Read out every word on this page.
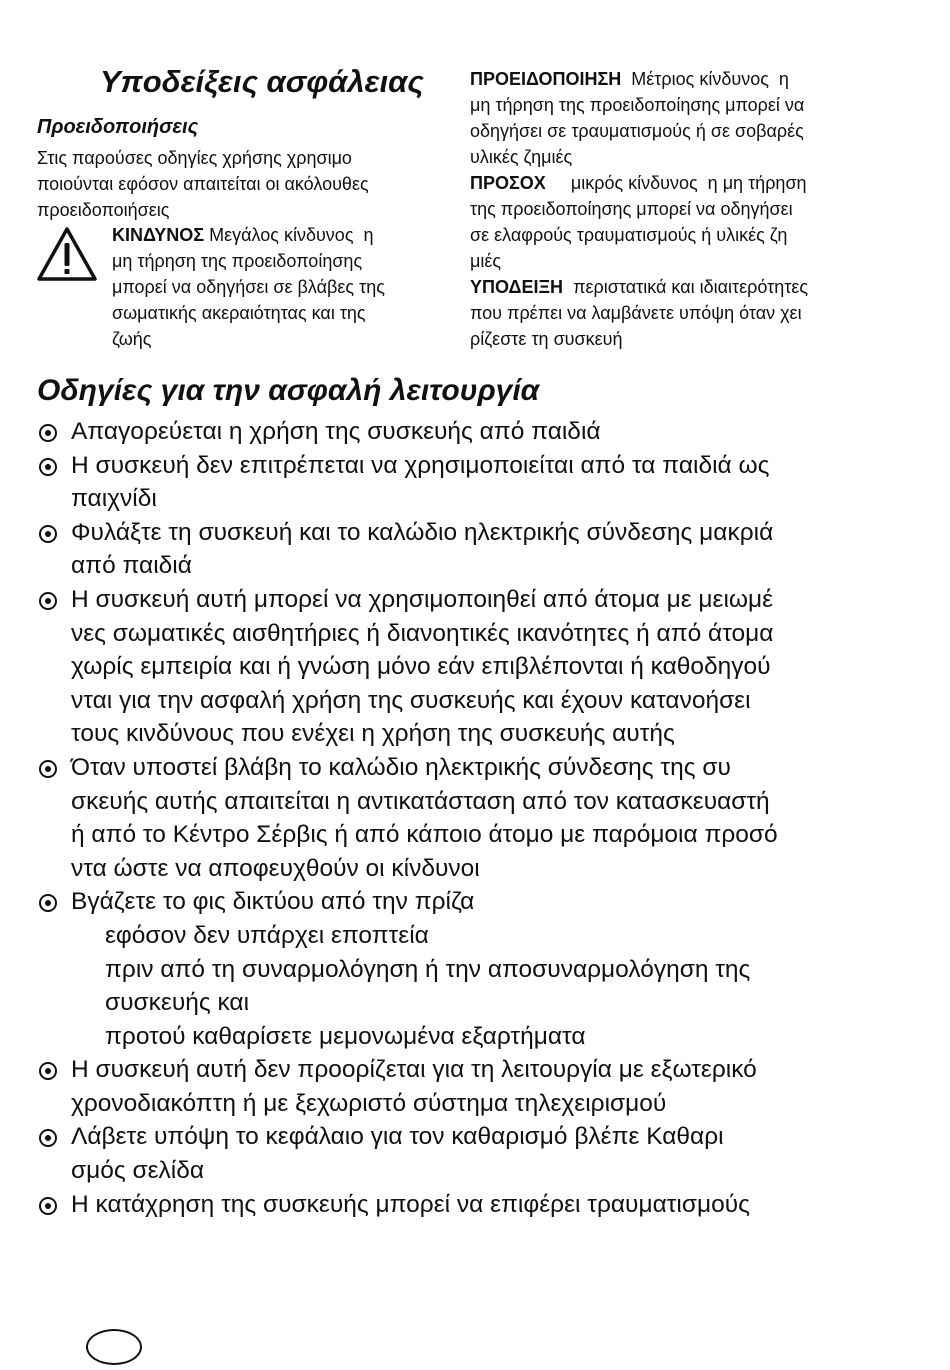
Υποδείξεις ασφάλειας
Προειδοποιήσεις
Στις παρούσες οδηγίες χρήσης χρησιμο
ποιούνται εφόσον απαιτείται οι ακόλουθες
προειδοποιήσεις
ΚΙΝΔΥΝΟΣ Μεγάλος κίνδυνος  η
μη τήρηση της προειδοποίησης
μπορεί να οδηγήσει σε βλάβες της
σωματικής ακεραιότητας και της
ζωής
ΠΡΟΕΙΔΟΠΟΙΗΣΗ  Μέτριος κίνδυνος  η
μη τήρηση της προειδοποίησης μπορεί να
οδηγήσει σε τραυματισμούς ή σε σοβαρές
υλικές ζημιές
ΠΡΟΣΟΧ     μικρός κίνδυνος  η μη τήρηση
της προειδοποίησης μπορεί να οδηγήσει
σε ελαφρούς τραυματισμούς ή υλικές ζη
μιές
ΥΠΟΔΕΙΞΗ  περιστατικά και ιδιαιτερότητες
που πρέπει να λαμβάνετε υπόψη όταν χει
ρίζεστε τη συσκευή
Οδηγίες για την ασφαλή λειτουργία
Απαγορεύεται η χρήση της συσκευής από παιδιά
Η συσκευή δεν επιτρέπεται να χρησιμοποιείται από τα παιδιά ως
παιχνίδι
Φυλάξτε τη συσκευή και το καλώδιο ηλεκτρικής σύνδεσης μακριά
από παιδιά
Η συσκευή αυτή μπορεί να χρησιμοποιηθεί από άτομα με μειωμέ
νες σωματικές αισθητήριες ή διανοητικές ικανότητες ή από άτομα
χωρίς εμπειρία και ή γνώση μόνο εάν επιβλέπονται ή καθοδηγού
νται για την ασφαλή χρήση της συσκευής και έχουν κατανοήσει
τους κινδύνους που ενέχει η χρήση της συσκευής αυτής
Όταν υποστεί βλάβη το καλώδιο ηλεκτρικής σύνδεσης της συ
σκευής αυτής απαιτείται η αντικατάσταση από τον κατασκευαστή
ή από το Κέντρο Σέρβις ή από κάποιο άτομο με παρόμοια προσό
ντα ώστε να αποφευχθούν οι κίνδυνοι
Βγάζετε το φις δικτύου από την πρίζα
εφόσον δεν υπάρχει εποπτεία
πριν από τη συναρμολόγηση ή την αποσυναρμολόγηση της
συσκευής και
προτού καθαρίσετε μεμονωμένα εξαρτήματα
Η συσκευή αυτή δεν προορίζεται για τη λειτουργία με εξωτερικό
χρονοδιακόπτη ή με ξεχωριστό σύστημα τηλεχειρισμού
Λάβετε υπόψη το κεφάλαιο για τον καθαρισμό βλέπε Καθαρι
σμός σελίδα
Η κατάχρηση της συσκευής μπορεί να επιφέρει τραυματισμούς
